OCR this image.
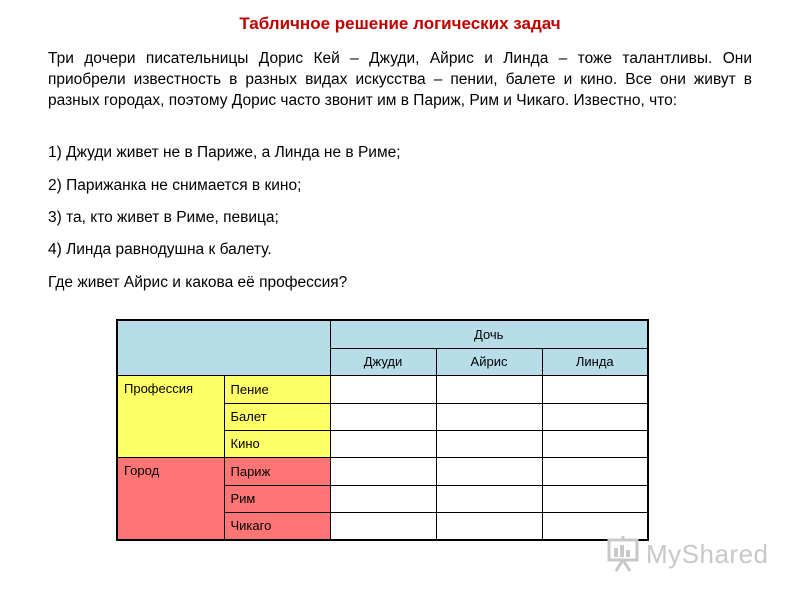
Табличное решение логических задач

Три дочери писательницы Дорис Кей – Джуди, Айрис и Линда – тоже талантливы. Они приобрели известность в разных видах искусства – пении, балете и кино. Все они живут в разных городах, поэтому Дорис часто звонит им в Париж, Рим и Чикаго. Известно, что:

1) Джуди живет не в Париже, а Линда не в Риме;

2) Парижанка не снимается в кино;

3) та, кто живет в Риме, певица;

4) Линда равнодушна к балету.

Где живет Айрис и какова её профессия?

		Дочь		
		Джуди	Айрис	Линда
Профессия	Пение			
	Балет			
	Кино			
Город	Париж			
	Рим			
	Чикаго			
MyShared
